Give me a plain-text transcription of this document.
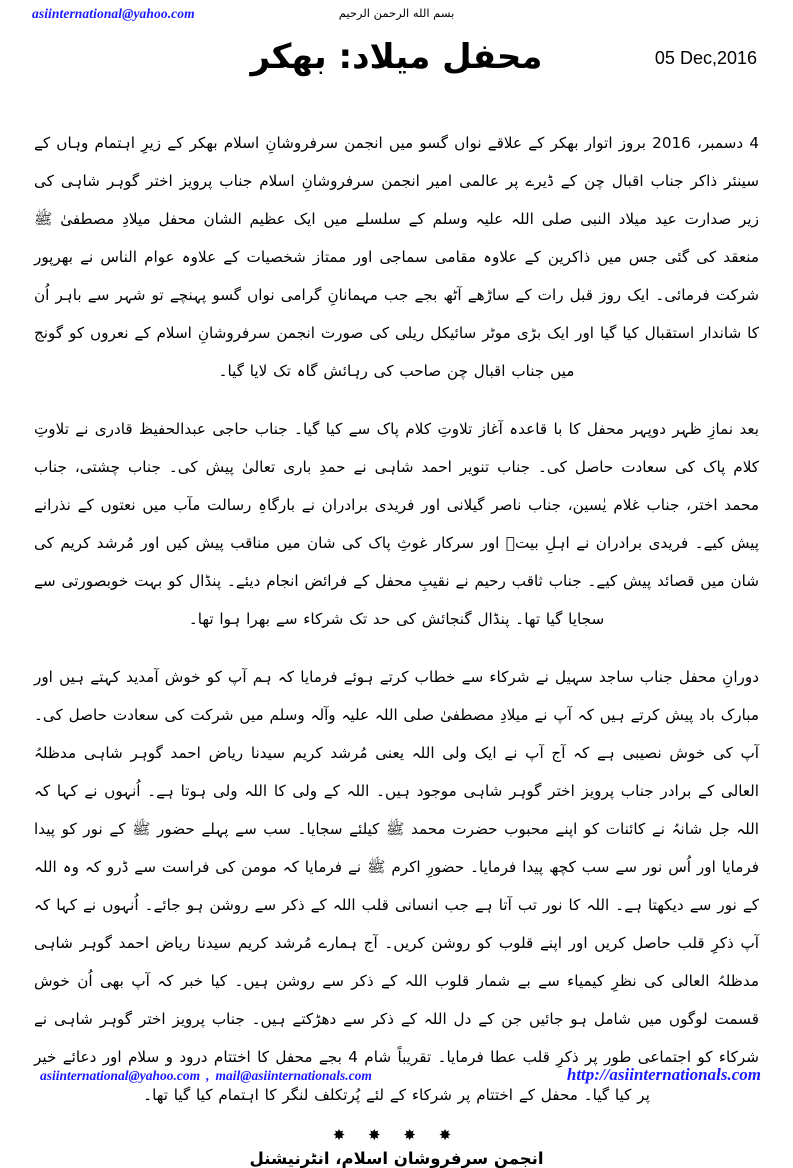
asiinternational@yahoo.com	بسم الله الرحمن الرحيم
محفل میلاد: بھکر	05 Dec,2016

4 دسمبر، 2016 بروز اتوار بھکر کے علاقے نواں گسو میں انجمن سرفروشانِ اسلام بھکر کے زیرِ اہتمام وہاں کے سینئر ذاکر جناب اقبال چن کے ڈیرے پر عالمی امیر انجمن سرفروشانِ اسلام جناب پرویز اختر گوہر شاہی کی زیر صدارت عید میلاد النبی صلی اللہ علیہ وسلم کے سلسلے میں ایک عظیم الشان محفل میلادِ مصطفیٰ ﷺ منعقد کی گئی جس میں ذاکرین کے علاوہ مقامی سماجی اور ممتاز شخصیات کے علاوہ عوام الناس نے بھرپور شرکت فرمائی۔ ایک روز قبل رات کے ساڑھے آٹھ بجے جب مہمانانِ گرامی نواں گسو پہنچے تو شہر سے باہر اُن کا شاندار استقبال کیا گیا اور ایک بڑی موٹر سائیکل ریلی کی صورت انجمن سرفروشانِ اسلام کے نعروں کو گونج میں جناب اقبال چن صاحب کی رہائش گاہ تک لایا گیا۔

بعد نمازِ ظہر دوپہر محفل کا با قاعدہ آغاز تلاوتِ کلام پاک سے کیا گیا۔ جناب حاجی عبدالحفیظ قادری نے تلاوتِ کلام پاک کی سعادت حاصل کی۔ جناب تنویر احمد شاہی نے حمدِ باری تعالیٰ پیش کی۔ جناب چشتی، جناب محمد اختر، جناب غلام یٰسین، جناب ناصر گیلانی اور فریدی برادران نے بارگاہِ رسالت مآب میں نعتوں کے نذرانے پیش کیے۔ فریدی برادران نے اہلِ بیتؓ اور سرکار غوثِ پاک کی شان میں مناقب پیش کیں اور مُرشد کریم کی شان میں قصائد پیش کیے۔ جناب ثاقب رحیم نے نقیبِ محفل کے فرائض انجام دیئے۔ پنڈال کو بہت خوبصورتی سے سجایا گیا تھا۔ پنڈال گنجائش کی حد تک شرکاء سے بھرا ہوا تھا۔

دورانِ محفل جناب ساجد سہیل نے شرکاء سے خطاب کرتے ہوئے فرمایا کہ ہم آپ کو خوش آمدید کہتے ہیں اور مبارک باد پیش کرتے ہیں کہ آپ نے میلادِ مصطفیٰ صلی اللہ علیہ وآلہ وسلم میں شرکت کی سعادت حاصل کی۔ آپ کی خوش نصیبی ہے کہ آج آپ نے ایک ولی اللہ یعنی مُرشد کریم سیدنا ریاض احمد گوہر شاہی مدظلہُ العالی کے برادر جناب پرویز اختر گوہر شاہی موجود ہیں۔ اللہ کے ولی کا اللہ ولی ہوتا ہے۔ اُنہوں نے کہا کہ اللہ جل شانہُ نے کائنات کو اپنے محبوب حضرت محمد ﷺ کیلئے سجایا۔ سب سے پہلے حضور ﷺ کے نور کو پیدا فرمایا اور اُس نور سے سب کچھ پیدا فرمایا۔ حضورِ اکرم ﷺ نے فرمایا کہ مومن کی فراست سے ڈرو کہ وہ اللہ کے نور سے دیکھتا ہے۔ اللہ کا نور تب آتا ہے جب انسانی قلب اللہ کے ذکر سے روشن ہو جائے۔ اُنہوں نے کہا کہ آپ ذکرِ قلب حاصل کریں اور اپنے قلوب کو روشن کریں۔ آج ہمارے مُرشد کریم سیدنا ریاض احمد گوہر شاہی مدظلہُ العالی کی نظرِ کیمیاء سے بے شمار قلوب اللہ کے ذکر سے روشن ہیں۔ کیا خبر کہ آپ بھی اُن خوش قسمت لوگوں میں شامل ہو جائیں جن کے دل اللہ کے ذکر سے دھڑکتے ہیں۔ جناب پرویز اختر گوہر شاہی نے شرکاء کو اجتماعی طور پر ذکرِ قلب عطا فرمایا۔ تقریباً شام 4 بجے محفل کا اختتام درود و سلام اور دعائے خیر پر کیا گیا۔ محفل کے اختتام پر شرکاء کے لئے پُرتکلف لنگر کا اہتمام کیا گیا تھا۔

✸ ✸ ✸ ✸
انجمن سرفروشان اسلام، انٹرنیشنل
asiinternational@yahoo.com , mail@asiinternationals.com	http://asiinternationals.com
